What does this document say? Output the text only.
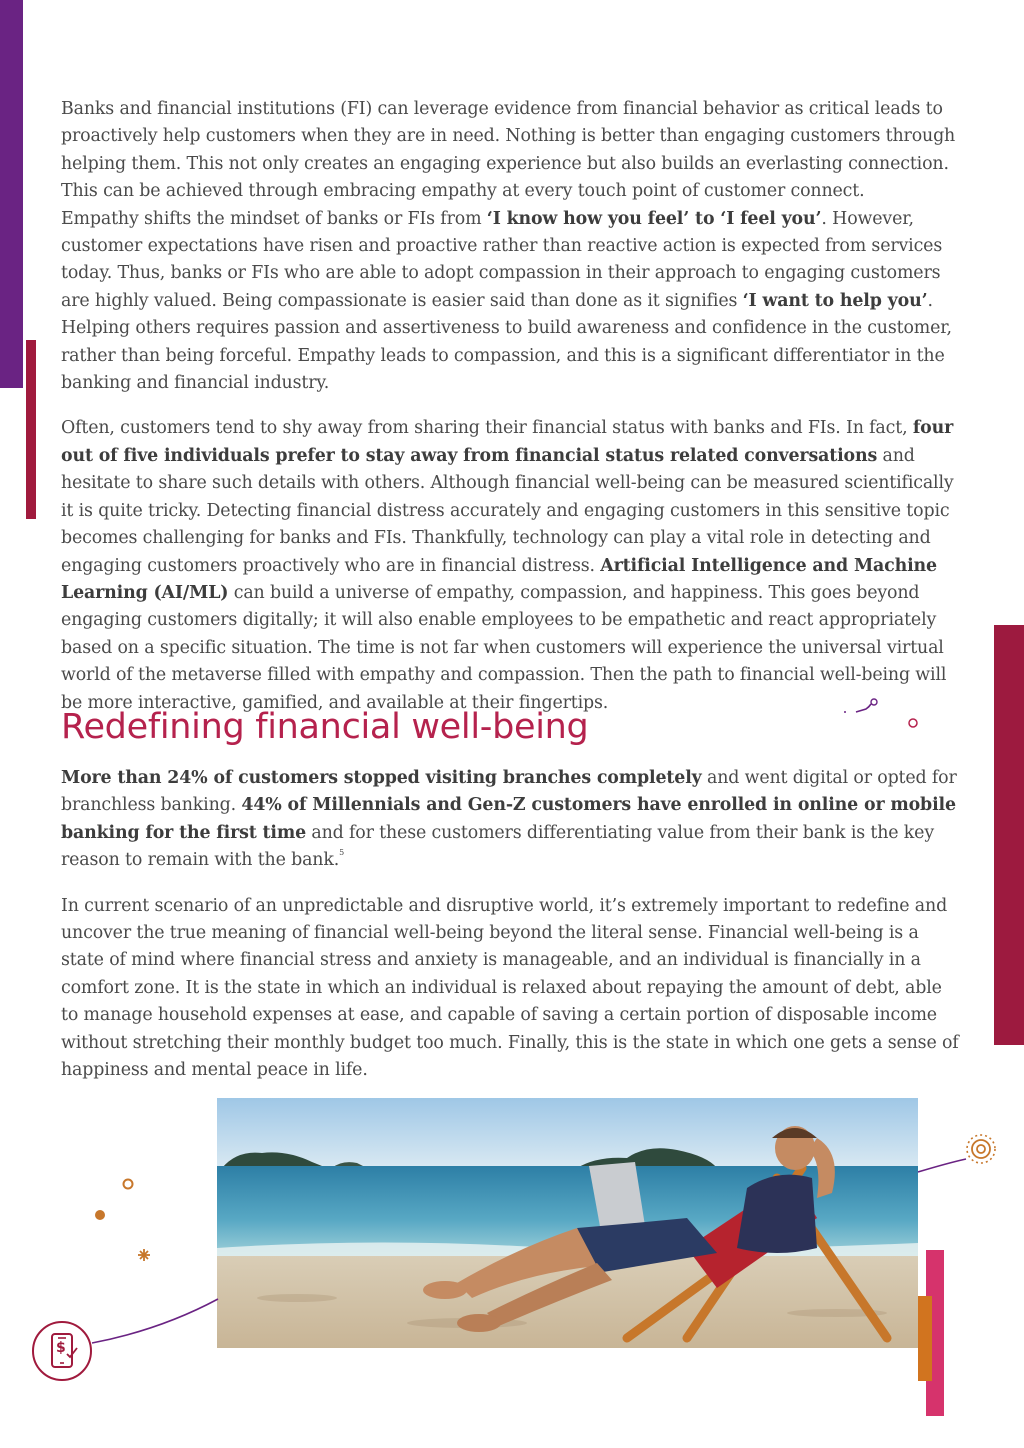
Banks and financial institutions (FI) can leverage evidence from financial behavior as critical leads to
proactively help customers when they are in need. Nothing is better than engaging customers through
helping them. This not only creates an engaging experience but also builds an everlasting connection.
This can be achieved through embracing empathy at every touch point of customer connect.

Empathy shifts the mindset of banks or FIs from ‘I know how you feel’ to ‘I feel you’. However, customer expectations have risen and proactive rather than reactive action is expected from services today. Thus, banks or FIs who are able to adopt compassion in their approach to engaging customers are highly valued. Being compassionate is easier said than done as it signifies ‘I want to help you’. Helping others requires passion and assertiveness to build awareness and confidence in the customer, rather than being forceful. Empathy leads to compassion, and this is a significant differentiator in the banking and financial industry.

Often, customers tend to shy away from sharing their financial status with banks and FIs. In fact, four out of five individuals prefer to stay away from financial status related conversations and hesitate to share such details with others. Although financial well-being can be measured scientifically it is quite tricky. Detecting financial distress accurately and engaging customers in this sensitive topic becomes challenging for banks and FIs. Thankfully, technology can play a vital role in detecting and engaging customers proactively who are in financial distress. Artificial Intelligence and Machine Learning (AI/ML) can build a universe of empathy, compassion, and happiness. This goes beyond engaging customers digitally; it will also enable employees to be empathetic and react appropriately based on a specific situation. The time is not far when customers will experience the universal virtual world of the metaverse filled with empathy and compassion. Then the path to financial well-being will be more interactive, gamified, and available at their fingertips.

Redefining financial well-being

More than 24% of customers stopped visiting branches completely and went digital or opted for branchless banking. 44% of Millennials and Gen-Z customers have enrolled in online or mobile banking for the first time and for these customers differentiating value from their bank is the key reason to remain with the bank.$^5$

In current scenario of an unpredictable and disruptive world, it’s extremely important to redefine and uncover the true meaning of financial well-being beyond the literal sense. Financial well-being is a state of mind where financial stress and anxiety is manageable, and an individual is financially in a comfort zone. It is the state in which an individual is relaxed about repaying the amount of debt, able to manage household expenses at ease, and capable of saving a certain portion of disposable income without stretching their monthly budget too much. Finally, this is the state in which one gets a sense of happiness and mental peace in life.

$
